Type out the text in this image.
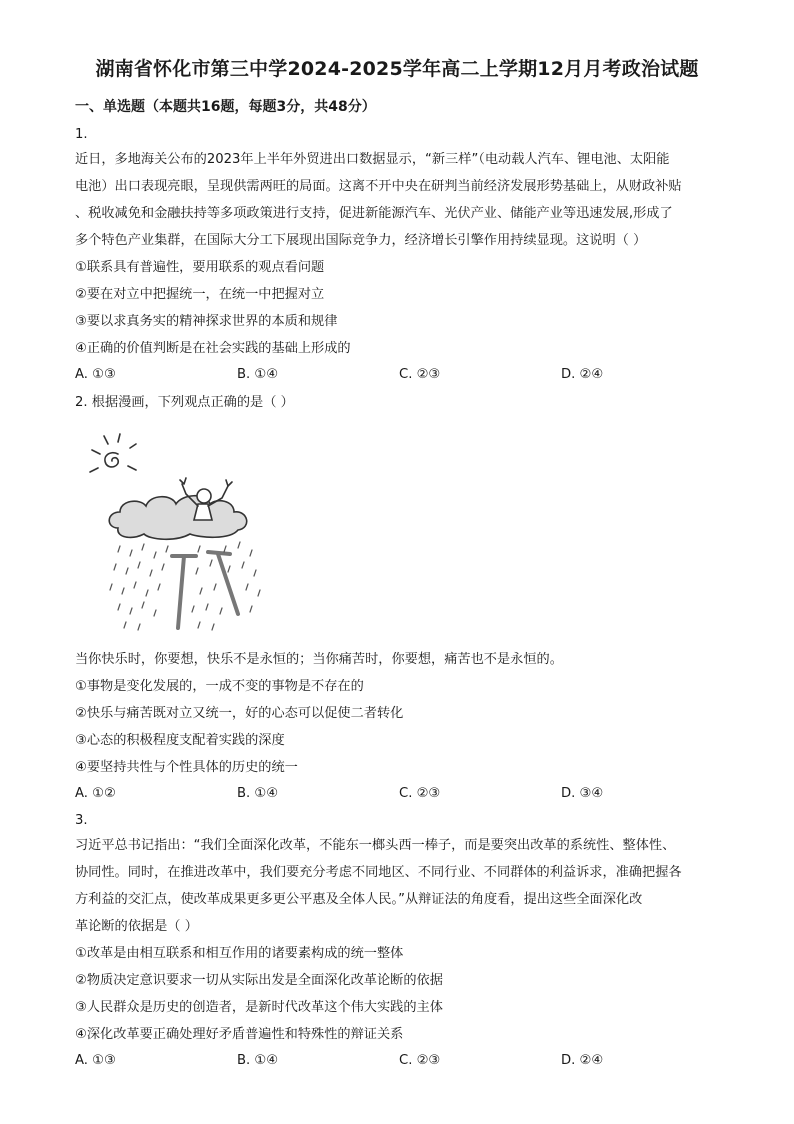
湖南省怀化市第三中学2024-2025学年高二上学期12月月考政治试题
一、单选题（本题共16题，每题3分，共48分）
1.
近日，多地海关公布的2023年上半年外贸进出口数据显示，“新三样”（电动载人汽车、锂电池、太阳能
电池）出口表现亮眼，呈现供需两旺的局面。这离不开中央在研判当前经济发展形势基础上，从财政补贴
、税收减免和金融扶持等多项政策进行支持，促进新能源汽车、光伏产业、储能产业等迅速发展,形成了
多个特色产业集群，在国际大分工下展现出国际竞争力，经济增长引擎作用持续显现。这说明（ ）
①联系具有普遍性，要用联系的观点看问题
②要在对立中把握统一，在统一中把握对立
③要以求真务实的精神探求世界的本质和规律
④正确的价值判断是在社会实践的基础上形成的
A. ①③	B. ①④	C. ②③	D. ②④
2. 根据漫画，下列观点正确的是（ ）
当你快乐时，你要想，快乐不是永恒的；当你痛苦时，你要想，痛苦也不是永恒的。
①事物是变化发展的，一成不变的事物是不存在的
②快乐与痛苦既对立又统一，好的心态可以促使二者转化
③心态的积极程度支配着实践的深度
④要坚持共性与个性具体的历史的统一
A. ①②	B. ①④	C. ②③	D. ③④
3.
习近平总书记指出：“我们全面深化改革，不能东一榔头西一棒子，而是要突出改革的系统性、整体性、
协同性。同时，在推进改革中，我们要充分考虑不同地区、不同行业、不同群体的利益诉求，准确把握各
方利益的交汇点，使改革成果更多更公平惠及全体人民。”从辩证法的角度看，提出这些全面深化改
革论断的依据是（ ）
①改革是由相互联系和相互作用的诸要素构成的统一整体
②物质决定意识要求一切从实际出发是全面深化改革论断的依据
③人民群众是历史的创造者，是新时代改革这个伟大实践的主体
④深化改革要正确处理好矛盾普遍性和特殊性的辩证关系
A. ①③	B. ①④	C. ②③	D. ②④
